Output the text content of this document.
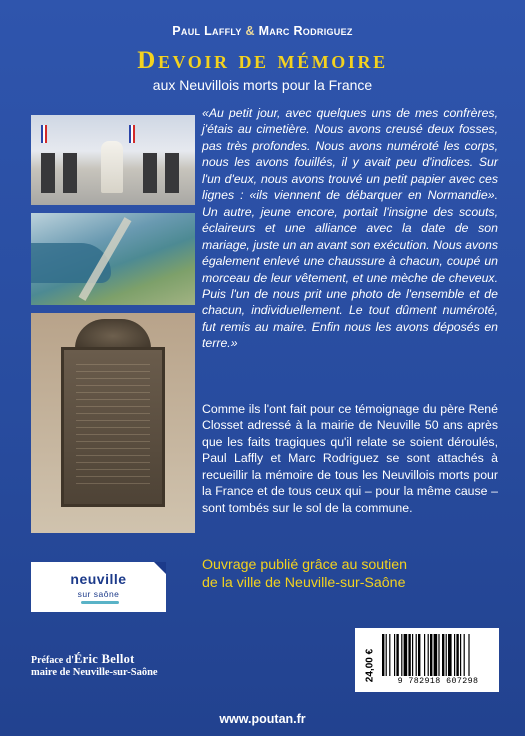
Paul Laffly & Marc Rodriguez
Devoir de mémoire
aux Neuvillois morts pour la France
«Au petit jour, avec quelques uns de mes confrères, j'étais au cimetière. Nous avons creusé deux fosses, pas très profondes. Nous avons numéroté les corps, nous les avons fouillés, il y avait peu d'indices. Sur l'un d'eux, nous avons trouvé un petit papier avec ces lignes : «ils viennent de débarquer en Normandie». Un autre, jeune encore, portait l'insigne des scouts, éclaireurs et une alliance avec la date de son mariage, juste un an avant son exécution. Nous avons également enlevé une chaussure à chacun, coupé un morceau de leur vêtement, et une mèche de cheveux. Puis l'un de nous prit une photo de l'ensemble et de chacun, individuellement. Le tout dûment numéroté, fut remis au maire. Enfin nous les avons déposés en terre.»
Comme ils l'ont fait pour ce témoignage du père René Closset adressé à la mairie de Neuville 50 ans après que les faits tragiques qu'il relate se soient déroulés, Paul Laffly et Marc Rodriguez se sont attachés à recueillir la mémoire de tous les Neuvillois morts pour la France et de tous ceux qui – pour la même cause – sont tombés sur le sol de la commune.
neuville
sur saône
Ouvrage publié grâce au soutien
de la ville de Neuville-sur-Saône
24,00 €	9 782918 607298
Préface d'Éric Bellot
maire de Neuville-sur-Saône
www.poutan.fr
